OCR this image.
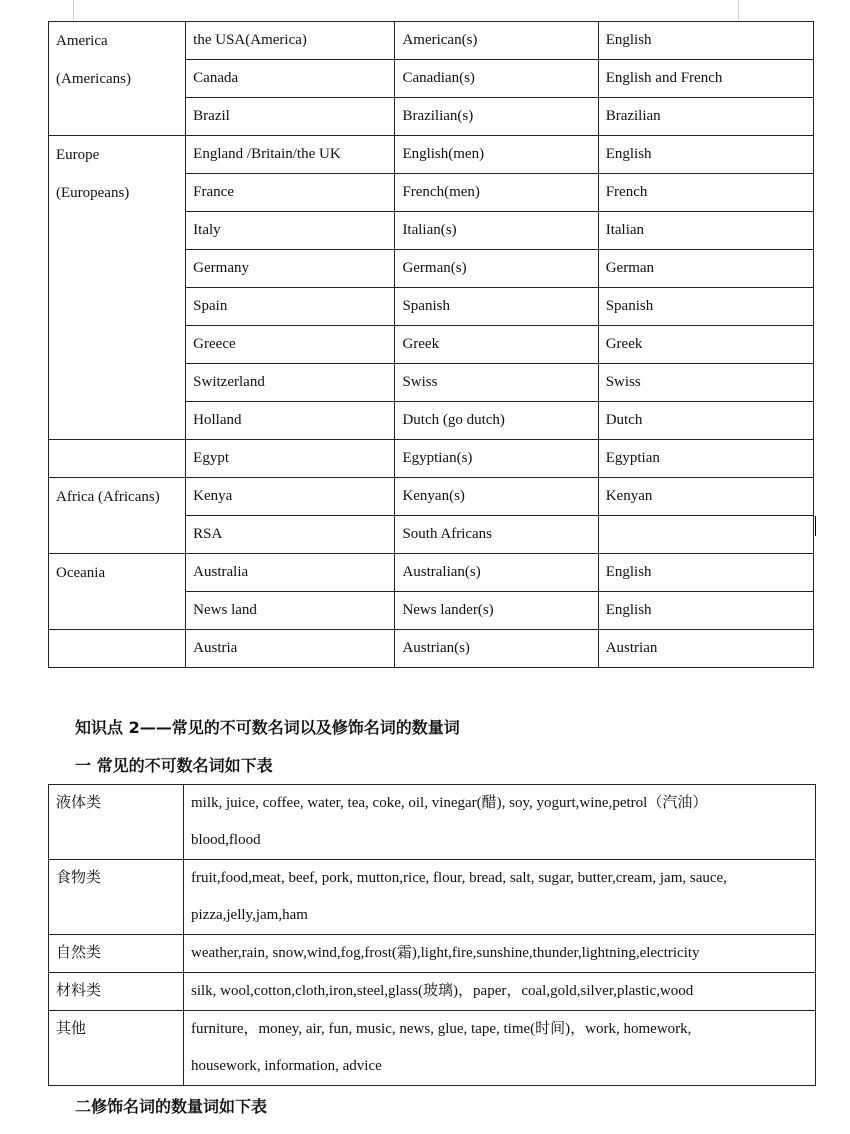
America
(Americans)	the USA(America)	American(s)	English
	Canada	Canadian(s)	English and French
	Brazil	Brazilian(s)	Brazilian

Europe
(Europeans)	England /Britain/the UK	English(men)	English
	France	French(men)	French
	Italy	Italian(s)	Italian
	Germany	German(s)	German
	Spain	Spanish	Spanish
	Greece	Greek	Greek
	Switzerland	Swiss	Swiss
	Holland	Dutch (go dutch)	Dutch
	Egypt	Egyptian(s)	Egyptian

Africa (Africans)	Kenya	Kenyan(s)	Kenyan
	RSA	South Africans	

Oceania	Australia	Australian(s)	English
	News land	News lander(s)	English
	Austria	Austrian(s)	Austrian
知识点 2——常见的不可数名词以及修饰名词的数量词
一 常见的不可数名词如下表
液体类	milk, juice, coffee, water, tea, coke, oil, vinegar(醋), soy, yogurt,wine,petrol（汽油）
blood,flood

食物类	fruit,food,meat, beef, pork, mutton,rice, flour, bread, salt, sugar, butter,cream, jam, sauce,
pizza,jelly,jam,ham

自然类	weather,rain, snow,wind,fog,frost(霜),light,fire,sunshine,thunder,lightning,electricity

材料类	silk, wool,cotton,cloth,iron,steel,glass(玻璃)，paper，coal,gold,silver,plastic,wood

其他	furniture，money, air, fun, music, news, glue, tape, time(时间)，work, homework,
housework, information, advice
二修饰名词的数量词如下表
